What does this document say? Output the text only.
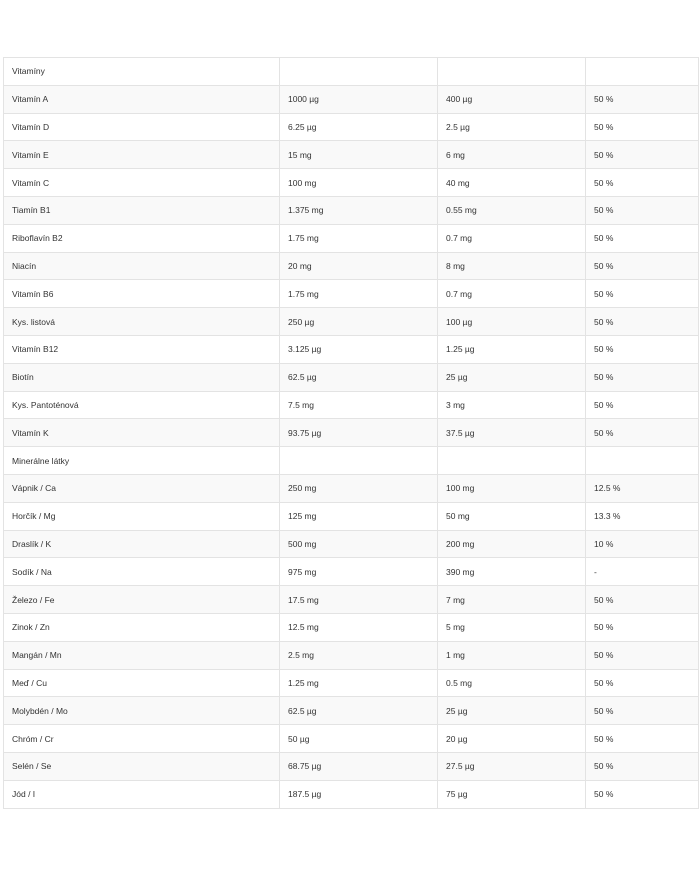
Vitamíny			
Vitamín A	1000 µg	400 µg	50 %
Vitamín D	6.25 µg	2.5 µg	50 %
Vitamín E	15 mg	6 mg	50 %
Vitamín C	100 mg	40 mg	50 %
Tiamín B1	1.375 mg	0.55 mg	50 %
Riboflavín B2	1.75 mg	0.7 mg	50 %
Niacín	20 mg	8 mg	50 %
Vitamín B6	1.75 mg	0.7 mg	50 %
Kys. listová	250 µg	100 µg	50 %
Vitamín B12	3.125 µg	1.25 µg	50 %
Biotín	62.5 µg	25 µg	50 %
Kys. Pantoténová	7.5 mg	3 mg	50 %
Vitamín K	93.75 µg	37.5 µg	50 %
Minerálne látky			
Vápnik / Ca	250 mg	100 mg	12.5 %
Horčík / Mg	125 mg	50 mg	13.3 %
Draslík / K	500 mg	200 mg	10 %
Sodík / Na	975 mg	390 mg	-
Železo / Fe	17.5 mg	7 mg	50 %
Zinok / Zn	12.5 mg	5 mg	50 %
Mangán / Mn	2.5 mg	1 mg	50 %
Meď / Cu	1.25 mg	0.5 mg	50 %
Molybdén / Mo	62.5 µg	25 µg	50 %
Chróm / Cr	50 µg	20 µg	50 %
Selén / Se	68.75 µg	27.5 µg	50 %
Jód / I	187.5 µg	75 µg	50 %
